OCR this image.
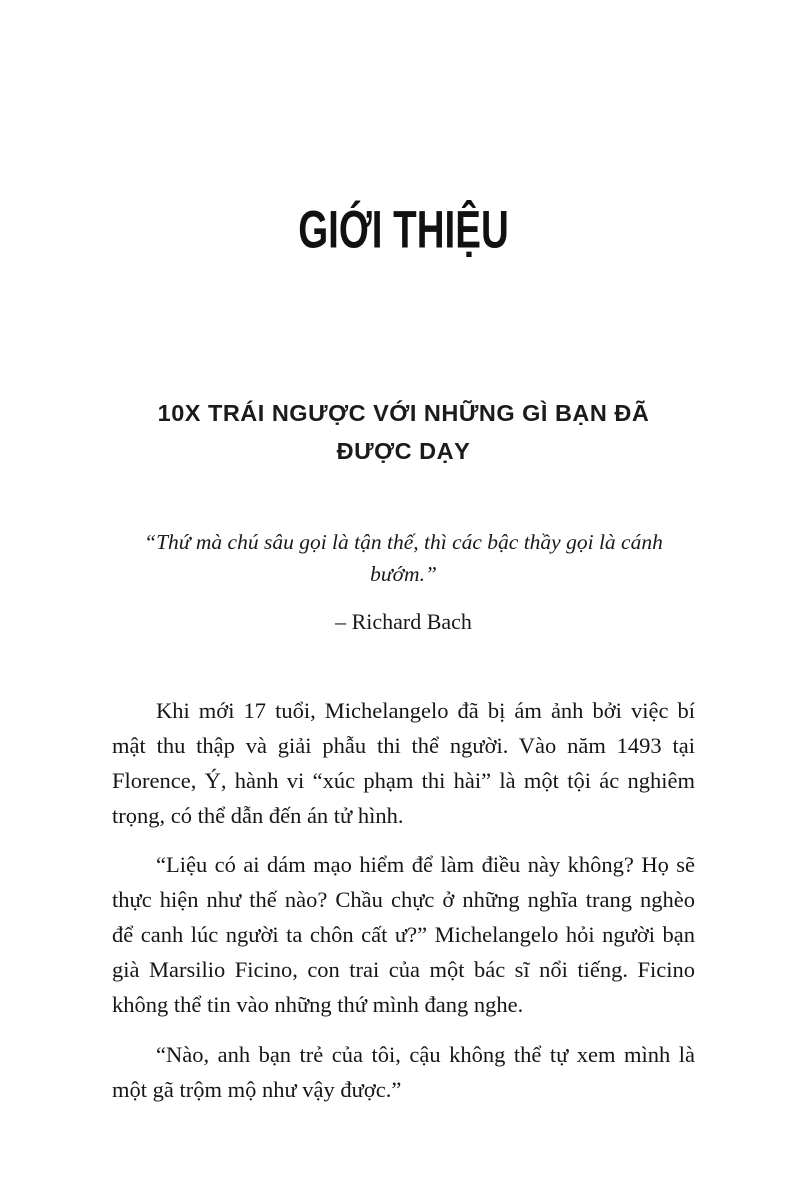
GIỚI THIỆU
10X TRÁI NGƯỢC VỚI NHỮNG GÌ BẠN ĐÃ ĐƯỢC DẠY
“Thứ mà chú sâu gọi là tận thế, thì các bậc thầy gọi là cánh bướm.”
– Richard Bach

Khi mới 17 tuổi, Michelangelo đã bị ám ảnh bởi việc bí mật thu thập và giải phẫu thi thể người. Vào năm 1493 tại Florence, Ý, hành vi “xúc phạm thi hài” là một tội ác nghiêm trọng, có thể dẫn đến án tử hình.

“Liệu có ai dám mạo hiểm để làm điều này không? Họ sẽ thực hiện như thế nào? Chầu chực ở những nghĩa trang nghèo để canh lúc người ta chôn cất ư?” Michelangelo hỏi người bạn già Marsilio Ficino, con trai của một bác sĩ nổi tiếng. Ficino không thể tin vào những thứ mình đang nghe.

“Nào, anh bạn trẻ của tôi, cậu không thể tự xem mình là một gã trộm mộ như vậy được.”
